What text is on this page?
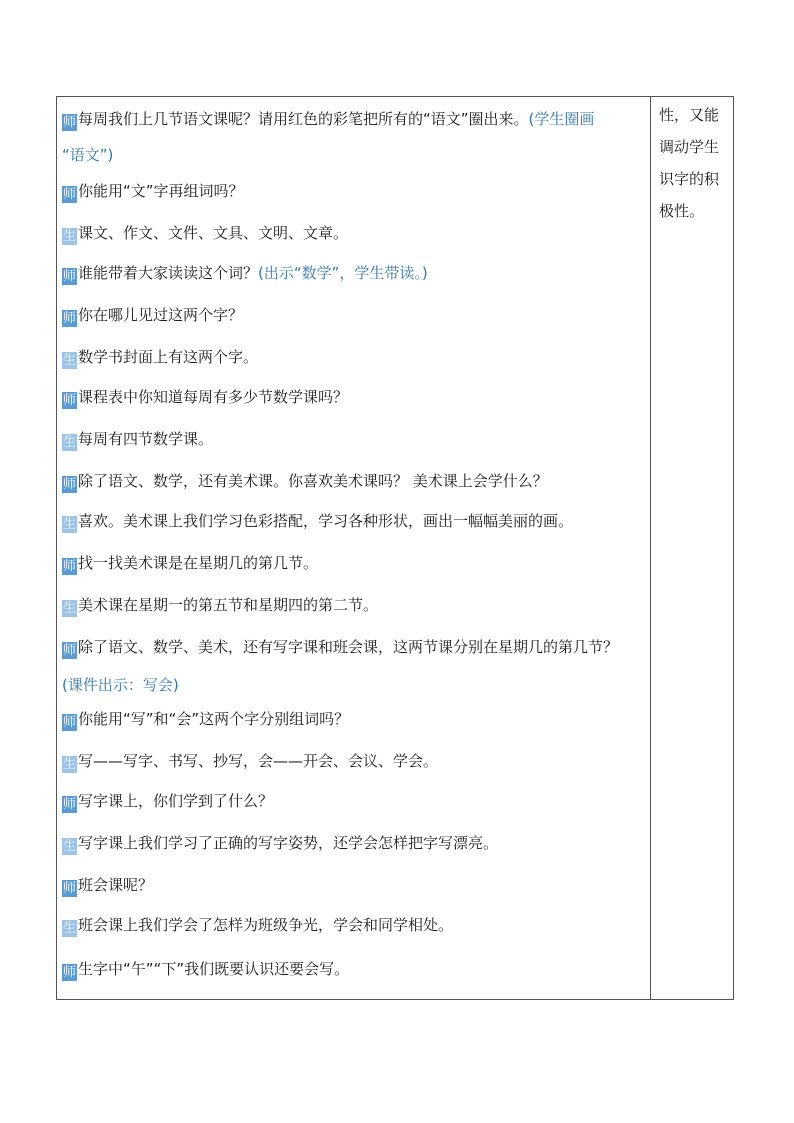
师 每周我们上几节语文课呢？请用红色的彩笔把所有的“语文”圈出来。(学生圈画
“语文”)
师 你能用“文”字再组词吗？
生 课文、作文、文件、文具、文明、文章。
师 谁能带着大家读读这个词？(出示“数学”，学生带读。)
师 你在哪儿见过这两个字？
生 数学书封面上有这两个字。
师 课程表中你知道每周有多少节数学课吗？
生 每周有四节数学课。
师 除了语文、数学，还有美术课。你喜欢美术课吗？ 美术课上会学什么？
生 喜欢。美术课上我们学习色彩搭配，学习各种形状，画出一幅幅美丽的画。
师 找一找美术课是在星期几的第几节。
生 美术课在星期一的第五节和星期四的第二节。
师 除了语文、数学、美术，还有写字课和班会课，这两节课分别在星期几的第几节？
(课件出示：写会)
师 你能用“写”和“会”这两个字分别组词吗？
生 写——写字、书写、抄写，会——开会、会议、学会。
师 写字课上，你们学到了什么？
生 写字课上我们学习了正确的写字姿势，还学会怎样把字写漂亮。
师 班会课呢？
生 班会课上我们学会了怎样为班级争光，学会和同学相处。
师 生字中“午”“下”我们既要认识还要会写。
性，又能
调动学生
识字的积
极性。
